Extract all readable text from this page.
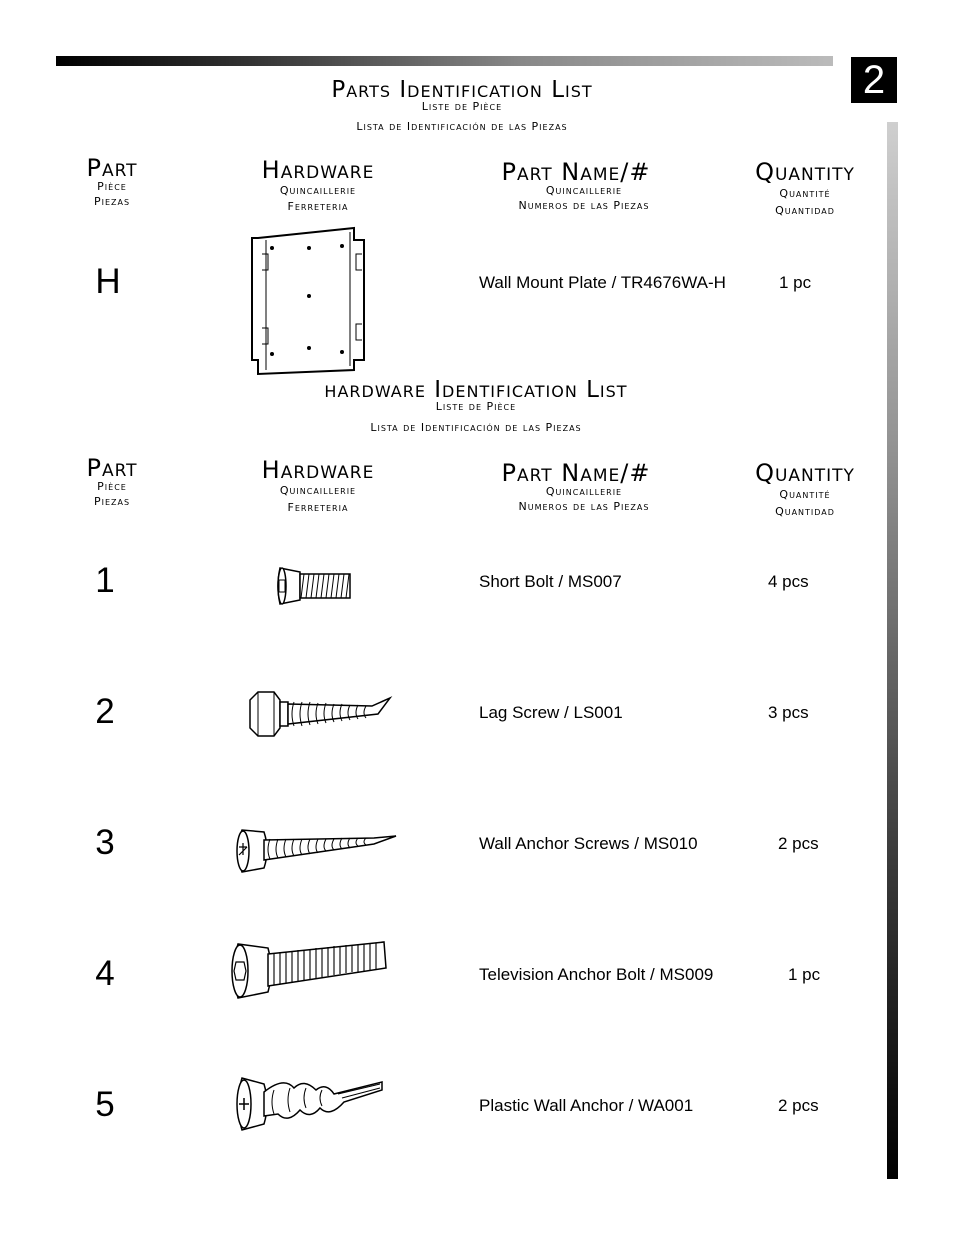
2
Parts Identification List
Liste de Pièce
Lista de Identificación de las Piezas
Part
Pièce
Piezas
Hardware
Quincaillerie
Ferreteria
Part Name/#
Quincaillerie
Numeros de las Piezas
Quantity
Quantité
Quantidad
H	Wall Mount Plate / TR4676WA-H	1 pc
hardware Identification List
Liste de Pièce
Lista de Identificación de las Piezas
Part
Pièce
Piezas
Hardware
Quincaillerie
Ferreteria
Part Name/#
Quincaillerie
Numeros de las Piezas
Quantity
Quantité
Quantidad
1	Short Bolt / MS007	4 pcs
2	Lag Screw / LS001	3 pcs
3	Wall Anchor Screws / MS010	2 pcs
4	Television Anchor Bolt / MS009	1 pc
5	Plastic Wall Anchor / WA001	2 pcs
